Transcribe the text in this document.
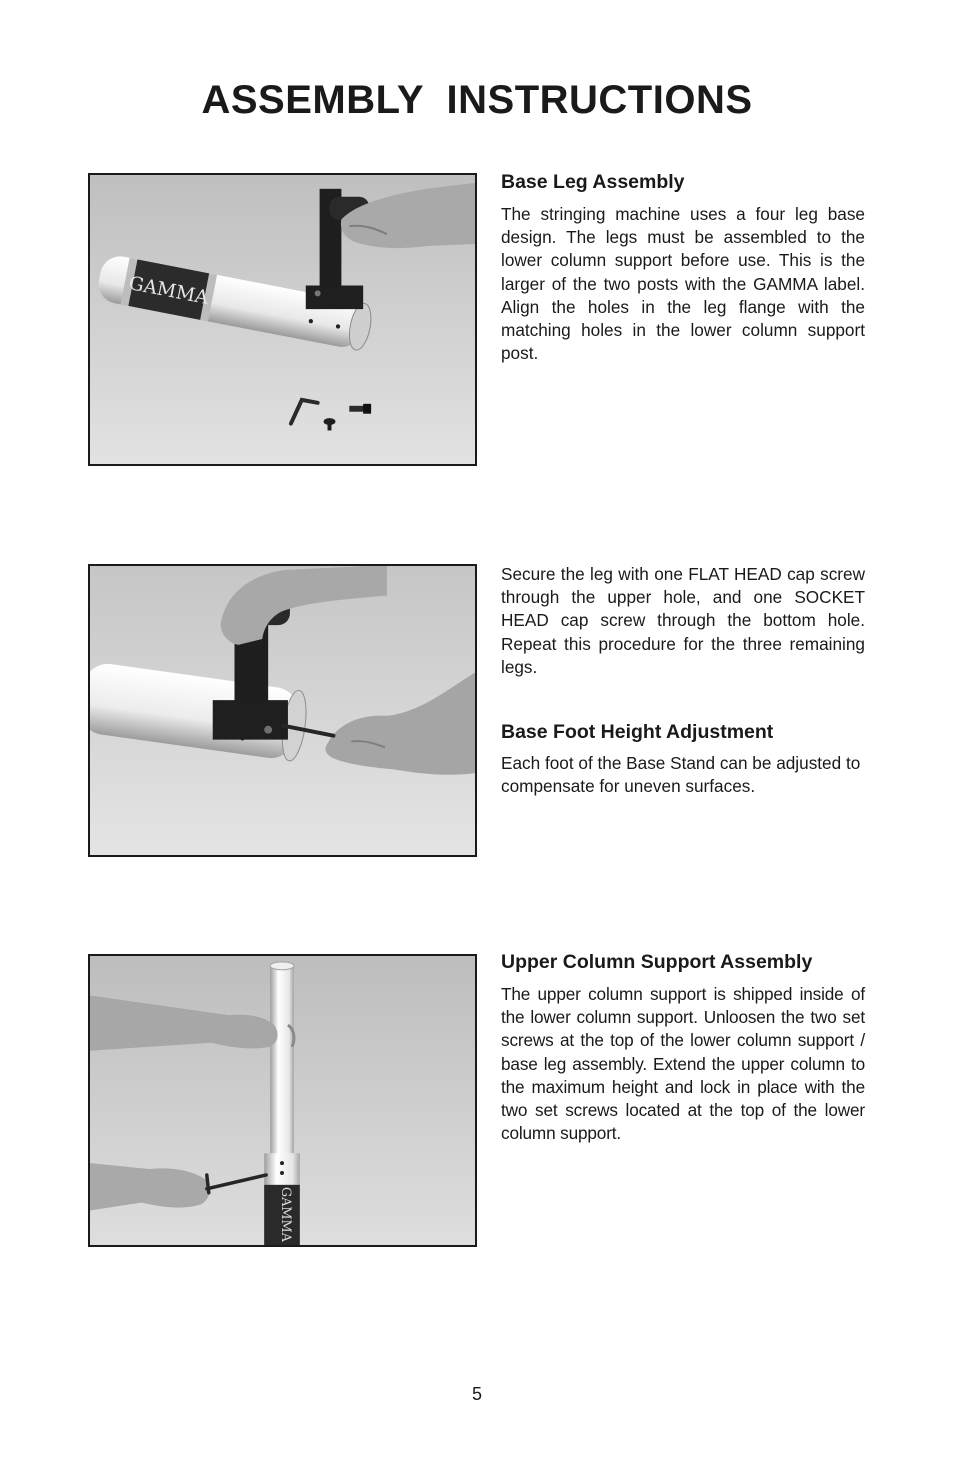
ASSEMBLY  INSTRUCTIONS
GAMMA
GAMMA
Base Leg Assembly

The stringing machine uses a four leg base design. The legs must be assembled to the lower column support before use. This is the larger of the two posts with the GAMMA label. Align the holes in the leg flange with the matching holes in the lower column support post.

Secure the leg with one FLAT HEAD cap screw through the upper hole, and one SOCKET HEAD cap screw through the bottom hole. Repeat this procedure for the three remaining legs.

Base Foot Height Adjustment

Each foot of the Base Stand can be adjusted to compensate for uneven surfaces.

Upper Column Support Assembly

The upper column support is shipped inside of the lower column support. Unloosen the two set screws at the top of the lower column support / base leg assembly. Extend the upper column to the maximum height and lock in place with the two set screws located at the top of the lower column support.

5
